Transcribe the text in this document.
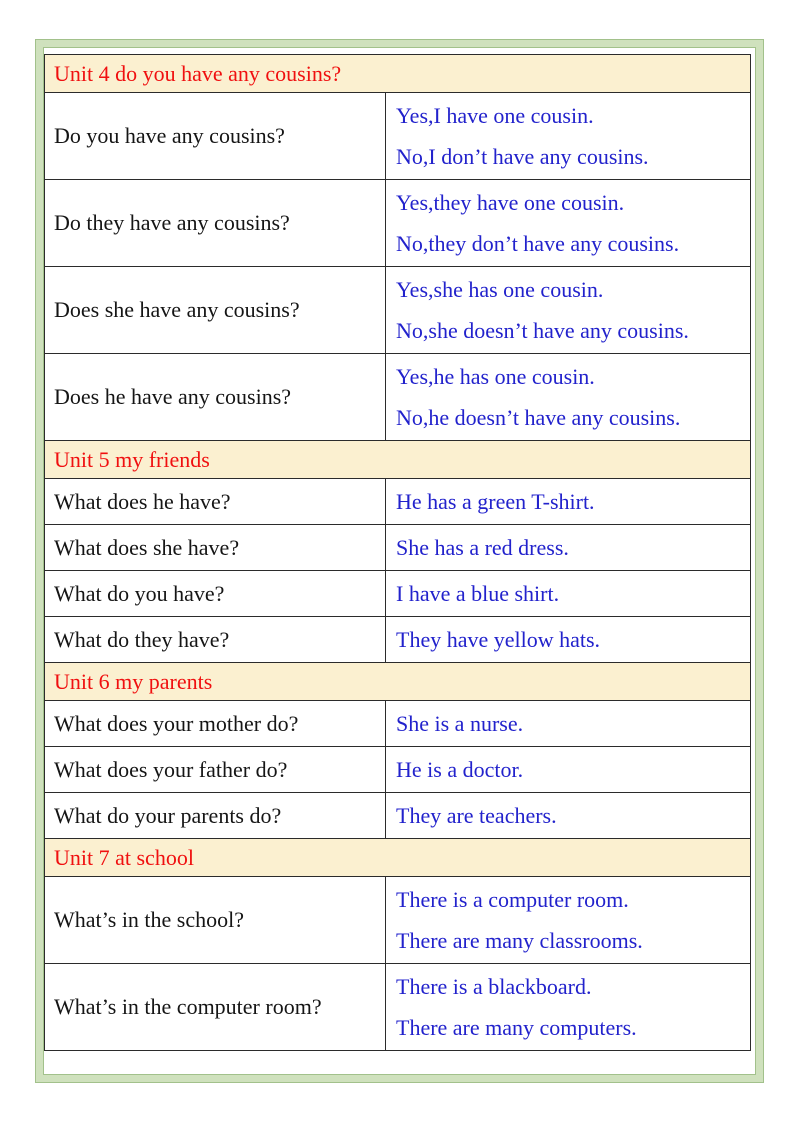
Unit 4 do you have any cousins?	
Do you have any cousins?	Yes,I have one cousin.
No,I don’t have any cousins.

Do they have any cousins?	Yes,they have one cousin.
No,they don’t have any cousins.

Does she have any cousins?	Yes,she has one cousin.
No,she doesn’t have any cousins.

Does he have any cousins?	Yes,he has one cousin.
No,he doesn’t have any cousins.

Unit 5 my friends	
What does he have?	He has a green T-shirt.

What does she have?	She has a red dress.

What do you have?	I have a blue shirt.

What do they have?	They have yellow hats.

Unit 6 my parents	
What does your mother do?	She is a nurse.

What does your father do?	He is a doctor.

What do your parents do?	They are teachers.

Unit 7 at school	
What’s in the school?	There is a computer room.
There are many classrooms.

What’s in the computer room?	There is a blackboard.
There are many computers.
